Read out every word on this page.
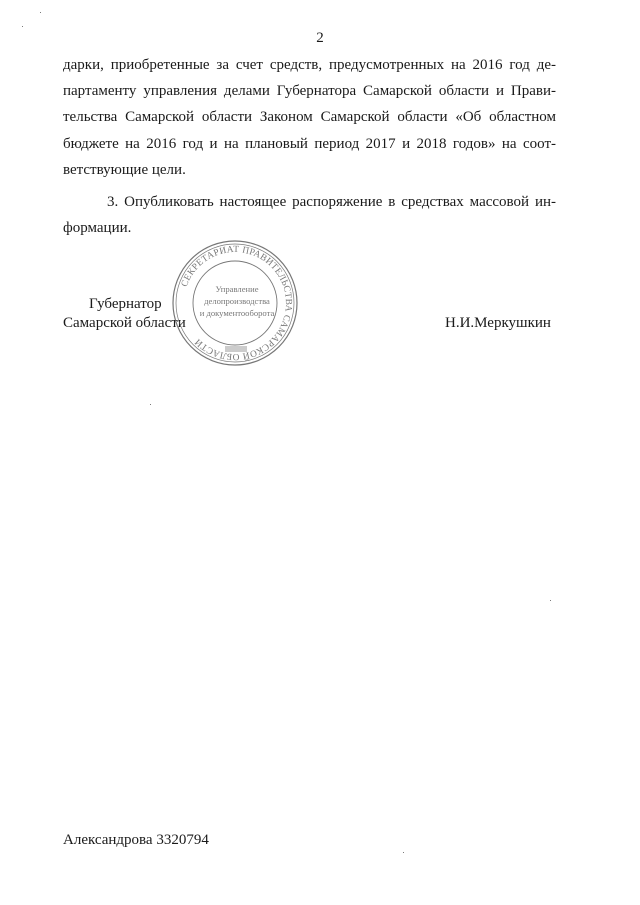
2
дарки, приобретенные за счет средств, предусмотренных на 2016 год де-
партаменту управления делами Губернатора Самарской области и Прави-
тельства Самарской области Законом Самарской области «Об областном
бюджете на 2016 год и на плановый период 2017 и 2018 годов» на соот-
ветствующие цели.
3. Опубликовать настоящее распоряжение в средствах массовой ин-
формации.
Губернатор
Самарской области	Н.И.Меркушкин
СЕКРЕТАРИАТ ПРАВИТЕЛЬСТВА САМАРСКОЙ ОБЛАСТИ
Управление
делопроизводства
и документооборота
Александрова 3320794
